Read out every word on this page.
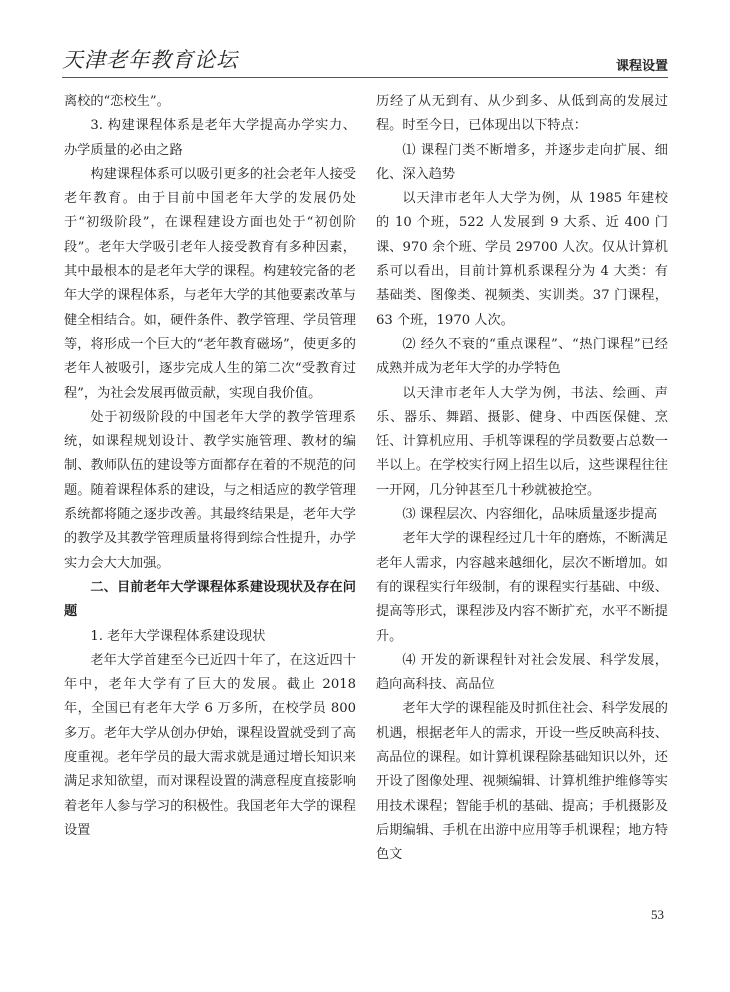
天津老年教育论坛	课程设置

离校的“恋校生”。

3. 构建课程体系是老年大学提高办学实力、办学质量的必由之路

构建课程体系可以吸引更多的社会老年人接受老年教育。由于目前中国老年大学的发展仍处于“初级阶段”，在课程建设方面也处于“初创阶段”。老年大学吸引老年人接受教育有多种因素，其中最根本的是老年大学的课程。构建较完备的老年大学的课程体系，与老年大学的其他要素改革与健全相结合。如，硬件条件、教学管理、学员管理等，将形成一个巨大的“老年教育磁场”，使更多的老年人被吸引，逐步完成人生的第二次“受教育过程”，为社会发展再做贡献，实现自我价值。

处于初级阶段的中国老年大学的教学管理系统，如课程规划设计、教学实施管理、教材的编制、教师队伍的建设等方面都存在着的不规范的问题。随着课程体系的建设，与之相适应的教学管理系统都将随之逐步改善。其最终结果是，老年大学的教学及其教学管理质量将得到综合性提升，办学实力会大大加强。

二、目前老年大学课程体系建设现状及存在问题

1. 老年大学课程体系建设现状

老年大学首建至今已近四十年了，在这近四十年中，老年大学有了巨大的发展。截止 2018 年，全国已有老年大学 6 万多所，在校学员 800 多万。老年大学从创办伊始，课程设置就受到了高度重视。老年学员的最大需求就是通过增长知识来满足求知欲望，而对课程设置的满意程度直接影响着老年人参与学习的积极性。我国老年大学的课程设置

历经了从无到有、从少到多、从低到高的发展过程。时至今日，已体现出以下特点：

⑴ 课程门类不断增多，并逐步走向扩展、细化、深入趋势

以天津市老年人大学为例，从 1985 年建校的 10 个班，522 人发展到 9 大系、近 400 门课、970 余个班、学员 29700 人次。仅从计算机系可以看出，目前计算机系课程分为 4 大类：有基础类、图像类、视频类、实训类。37 门课程，63 个班，1970 人次。

⑵ 经久不衰的“重点课程”、“热门课程”已经成熟并成为老年大学的办学特色

以天津市老年人大学为例，书法、绘画、声乐、器乐、舞蹈、摄影、健身、中西医保健、烹饪、计算机应用、手机等课程的学员数要占总数一半以上。在学校实行网上招生以后，这些课程往往一开网，几分钟甚至几十秒就被抢空。

⑶ 课程层次、内容细化，品味质量逐步提高

老年大学的课程经过几十年的磨炼，不断满足老年人需求，内容越来越细化，层次不断增加。如有的课程实行年级制，有的课程实行基础、中级、提高等形式，课程涉及内容不断扩充，水平不断提升。

⑷ 开发的新课程针对社会发展、科学发展，趋向高科技、高品位

老年大学的课程能及时抓住社会、科学发展的机遇，根据老年人的需求，开设一些反映高科技、高品位的课程。如计算机课程除基础知识以外，还开设了图像处理、视频编辑、计算机维护维修等实用技术课程；智能手机的基础、提高；手机摄影及后期编辑、手机在出游中应用等手机课程；地方特色文

53
